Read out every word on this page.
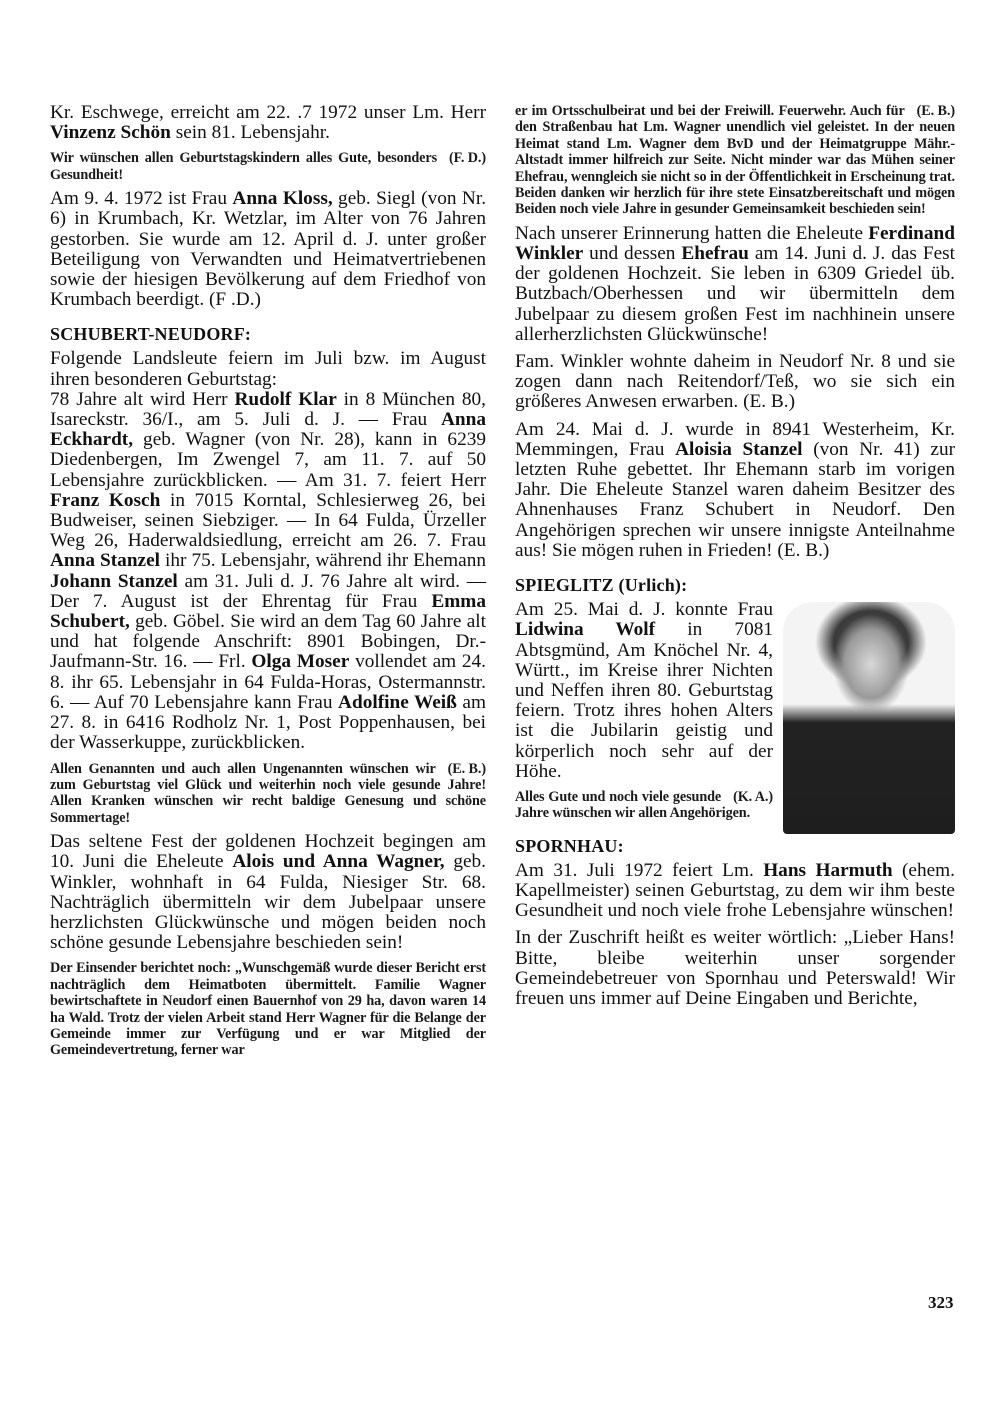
Kr. Eschwege, erreicht am 22. .7 1972 unser Lm. Herr Vinzenz Schön sein 81. Lebensjahr.
(F. D.)
Wir wünschen allen Geburtstagskindern alles Gute, besonders Gesundheit!
Am 9. 4. 1972 ist Frau Anna Kloss, geb. Siegl (von Nr. 6) in Krumbach, Kr. Wetzlar, im Alter von 76 Jahren gestorben. Sie wurde am 12. April d. J. unter großer Beteiligung von Verwandten und Heimatvertriebenen sowie der hiesigen Bevölkerung auf dem Friedhof von Krumbach beerdigt. (F .D.)
SCHUBERT-NEUDORF:
Folgende Landsleute feiern im Juli bzw. im August ihren besonderen Geburtstag:
78 Jahre alt wird Herr Rudolf Klar in 8 München 80, Isareckstr. 36/I., am 5. Juli d. J. — Frau Anna Eckhardt, geb. Wagner (von Nr. 28), kann in 6239 Diedenbergen, Im Zwengel 7, am 11. 7. auf 50 Lebensjahre zurückblicken. — Am 31. 7. feiert Herr Franz Kosch in 7015 Korntal, Schlesierweg 26, bei Budweiser, seinen Siebziger. — In 64 Fulda, Ürzeller Weg 26, Haderwaldsiedlung, erreicht am 26. 7. Frau Anna Stanzel ihr 75. Lebensjahr, während ihr Ehemann Johann Stanzel am 31. Juli d. J. 76 Jahre alt wird. — Der 7. August ist der Ehrentag für Frau Emma Schubert, geb. Göbel. Sie wird an dem Tag 60 Jahre alt und hat folgende Anschrift: 8901 Bobingen, Dr.-Jaufmann-Str. 16. — Frl. Olga Moser vollendet am 24. 8. ihr 65. Lebensjahr in 64 Fulda-Horas, Ostermannstr. 6. — Auf 70 Lebensjahre kann Frau Adolfine Weiß am 27. 8. in 6416 Rodholz Nr. 1, Post Poppenhausen, bei der Wasserkuppe, zurückblicken.
(E. B.)
Allen Genannten und auch allen Ungenannten wünschen wir zum Geburtstag viel Glück und weiterhin noch viele gesunde Jahre! Allen Kranken wünschen wir recht baldige Genesung und schöne Sommertage!
Das seltene Fest der goldenen Hochzeit begingen am 10. Juni die Eheleute Alois und Anna Wagner, geb. Winkler, wohnhaft in 64 Fulda, Niesiger Str. 68. Nachträglich übermitteln wir dem Jubelpaar unsere herzlichsten Glückwünsche und mögen beiden noch schöne gesunde Lebensjahre beschieden sein!
Der Einsender berichtet noch: „Wunschgemäß wurde dieser Bericht erst nachträglich dem Heimatboten übermittelt. Familie Wagner bewirtschaftete in Neudorf einen Bauernhof von 29 ha, davon waren 14 ha Wald. Trotz der vielen Arbeit stand Herr Wagner für die Belange der Gemeinde immer zur Verfügung und er war Mitglied der Gemeindevertretung, ferner war
(E. B.)
er im Ortsschulbeirat und bei der Freiwill. Feuerwehr. Auch für den Straßenbau hat Lm. Wagner unendlich viel geleistet. In der neuen Heimat stand Lm. Wagner dem BvD und der Heimatgruppe Mähr.-Altstadt immer hilfreich zur Seite. Nicht minder war das Mühen seiner Ehefrau, wenngleich sie nicht so in der Öffentlichkeit in Erscheinung trat. Beiden danken wir herzlich für ihre stete Einsatzbereitschaft und mögen Beiden noch viele Jahre in gesunder Gemeinsamkeit beschieden sein!
Nach unserer Erinnerung hatten die Eheleute Ferdinand Winkler und dessen Ehefrau am 14. Juni d. J. das Fest der goldenen Hochzeit. Sie leben in 6309 Griedel üb. Butzbach/Oberhessen und wir übermitteln dem Jubelpaar zu diesem großen Fest im nachhinein unsere allerherzlichsten Glückwünsche!
Fam. Winkler wohnte daheim in Neudorf Nr. 8 und sie zogen dann nach Reitendorf/Teß, wo sie sich ein größeres Anwesen erwarben. (E. B.)
Am 24. Mai d. J. wurde in 8941 Westerheim, Kr. Memmingen, Frau Aloisia Stanzel (von Nr. 41) zur letzten Ruhe gebettet. Ihr Ehemann starb im vorigen Jahr. Die Eheleute Stanzel waren daheim Besitzer des Ahnenhauses Franz Schubert in Neudorf. Den Angehörigen sprechen wir unsere innigste Anteilnahme aus! Sie mögen ruhen in Frieden! (E. B.)
SPIEGLITZ (Urlich):
Am 25. Mai d. J. konnte Frau Lidwina Wolf in 7081 Abtsgmünd, Am Knöchel Nr. 4, Württ., im Kreise ihrer Nichten und Neffen ihren 80. Geburtstag feiern. Trotz ihres hohen Alters ist die Jubilarin geistig und körperlich noch sehr auf der Höhe.
(K. A.)
Alles Gute und noch viele gesunde Jahre wünschen wir allen Angehörigen.
SPORNHAU:
Am 31. Juli 1972 feiert Lm. Hans Harmuth (ehem. Kapellmeister) seinen Geburtstag, zu dem wir ihm beste Gesundheit und noch viele frohe Lebensjahre wünschen!
In der Zuschrift heißt es weiter wörtlich: „Lieber Hans! Bitte, bleibe weiterhin unser sorgender Gemeindebetreuer von Spornhau und Peterswald! Wir freuen uns immer auf Deine Eingaben und Berichte,
323
